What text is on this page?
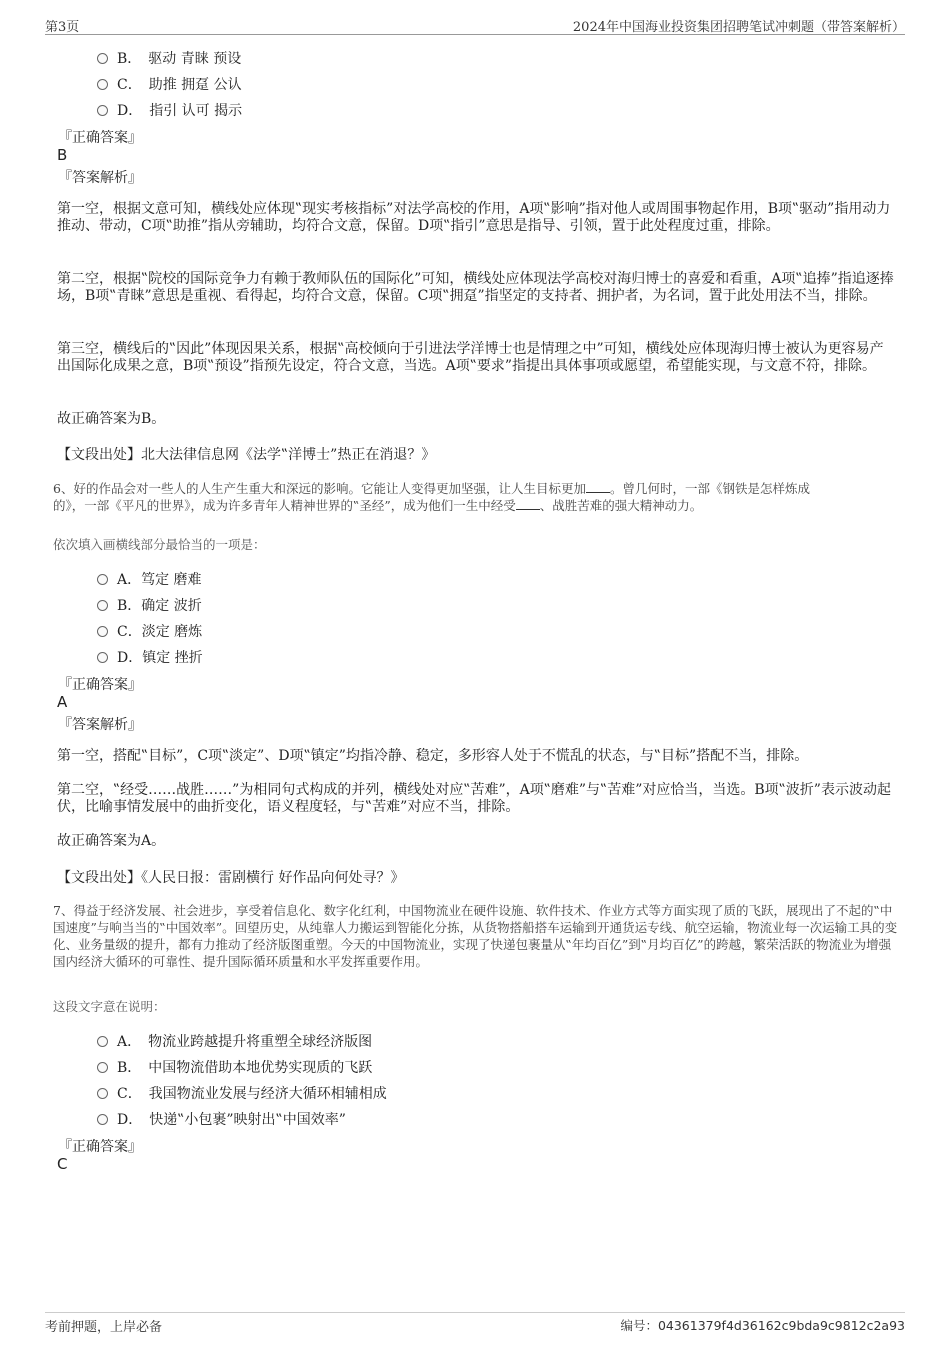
第3页	2024年中国海业投资集团招聘笔试冲刺题（带答案解析）
B．　驱动 青睐 预设
C．　助推 拥趸 公认
D．　指引 认可 揭示
『正确答案』
B
『答案解析』
第一空，根据文意可知，横线处应体现‟现实考核指标”对法学高校的作用，A项‟影响”指对他人或周围事物起作用，B项‟驱动”指用动力推动、带动，C项‟助推”指从旁辅助，均符合文意，保留。D项‟指引”意思是指导、引领，置于此处程度过重，排除。
第二空，根据‟院校的国际竞争力有赖于教师队伍的国际化”可知，横线处应体现法学高校对海归博士的喜爱和看重，A项‟追捧”指追逐捧场，B项‟青睐”意思是重视、看得起，均符合文意，保留。C项‟拥趸”指坚定的支持者、拥护者，为名词，置于此处用法不当，排除。
第三空，横线后的‟因此”体现因果关系，根据‟高校倾向于引进法学洋博士也是情理之中”可知，横线处应体现海归博士被认为更容易产出国际化成果之意，B项‟预设”指预先设定，符合文意，当选。A项‟要求”指提出具体事项或愿望，希望能实现，与文意不符，排除。
故正确答案为B。
【文段出处】北大法律信息网《法学‟洋博士”热正在消退？》
6、好的作品会对一些人的人生产生重大和深远的影响。它能让人变得更加坚强，让人生目标更加 。曾几何时，一部《钢铁是怎样炼成
的》，一部《平凡的世界》，成为许多青年人精神世界的‟圣经”，成为他们一生中经受 、战胜苦难的强大精神动力。
依次填入画横线部分最恰当的一项是：
A．笃定 磨难
B．确定 波折
C．淡定 磨炼
D．镇定 挫折
『正确答案』
A
『答案解析』
第一空，搭配‟目标”，C项‟淡定”、D项‟镇定”均指冷静、稳定，多形容人处于不慌乱的状态，与‟目标”搭配不当，排除。
第二空，‟经受……战胜……”为相同句式构成的并列，横线处对应‟苦难”，A项‟磨难”与‟苦难”对应恰当，当选。B项‟波折”表示波动起伏，比喻事情发展中的曲折变化，语义程度轻，与‟苦难”对应不当，排除。
故正确答案为A。
【文段出处】《人民日报：雷剧横行 好作品向何处寻？》
7、得益于经济发展、社会进步，享受着信息化、数字化红利，中国物流业在硬件设施、软件技术、作业方式等方面实现了质的飞跃，展现出了不起的‟中国速度”与响当当的‟中国效率”。回望历史，从纯靠人力搬运到智能化分拣，从货物搭船搭车运输到开通货运专线、航空运输，物流业每一次运输工具的变化、业务量级的提升，都有力推动了经济版图重塑。今天的中国物流业，实现了快递包裹量从‟年均百亿”到‟月均百亿”的跨越，繁荣活跃的物流业为增强国内经济大循环的可靠性、提升国际循环质量和水平发挥重要作用。
这段文字意在说明：
A．　物流业跨越提升将重塑全球经济版图
B．　中国物流借助本地优势实现质的飞跃
C．　我国物流业发展与经济大循环相辅相成
D．　快递‟小包裹”映射出‟中国效率”
『正确答案』
C
考前押题，上岸必备	编号：04361379f4d36162c9bda9c9812c2a93
